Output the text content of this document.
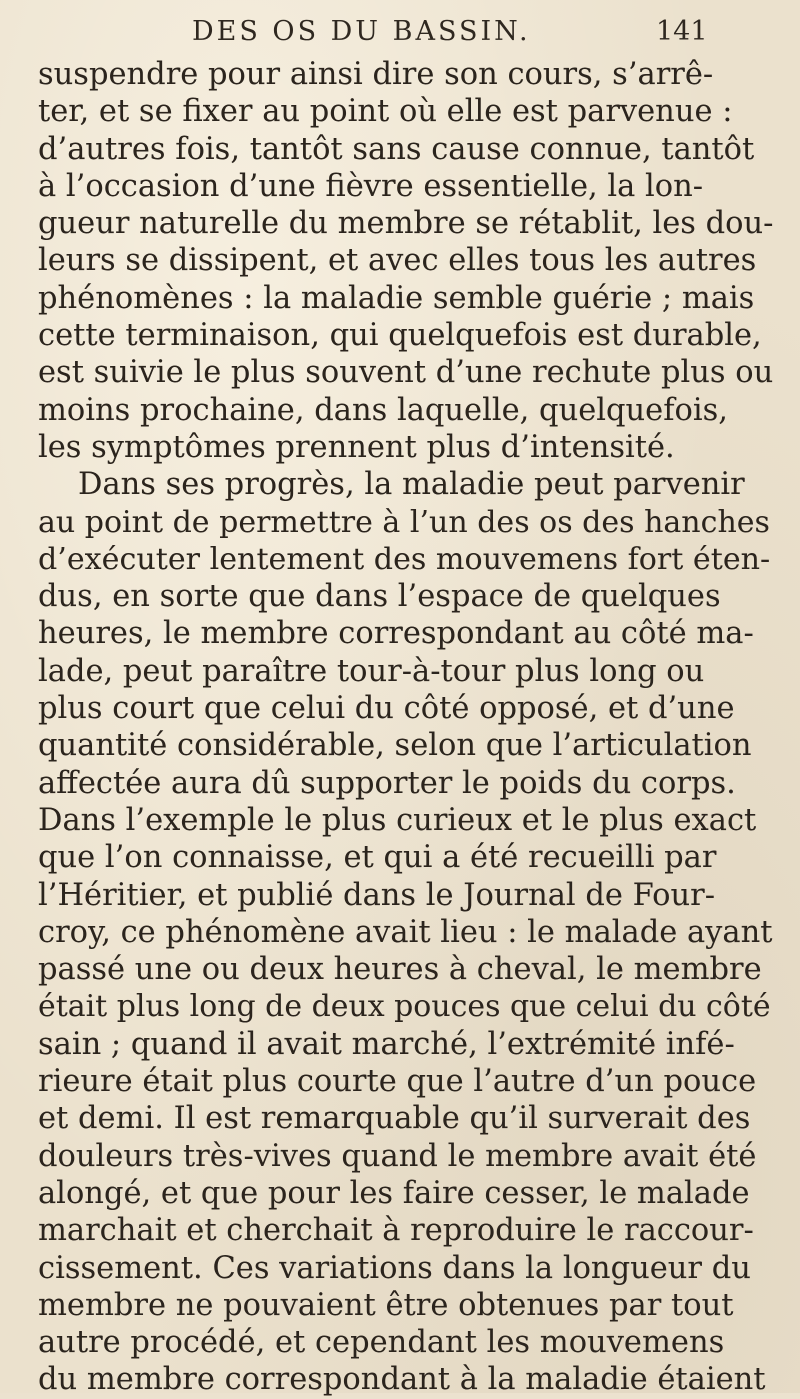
DES OS DU BASSIN.	141
suspendre pour ainsi dire son cours, s’arrê-
ter, et se fixer au point où elle est parvenue :
d’autres fois, tantôt sans cause connue, tantôt
à l’occasion d’une fièvre essentielle, la lon-
gueur naturelle du membre se rétablit, les dou-
leurs se dissipent, et avec elles tous les autres
phénomènes : la maladie semble guérie ; mais
cette terminaison, qui quelquefois est durable,
est suivie le plus souvent d’une rechute plus ou
moins prochaine, dans laquelle, quelquefois,
les symptômes prennent plus d’intensité.
Dans ses progrès, la maladie peut parvenir
au point de permettre à l’un des os des hanches
d’exécuter lentement des mouvemens fort éten-
dus, en sorte que dans l’espace de quelques
heures, le membre correspondant au côté ma-
lade, peut paraître tour-à-tour plus long ou
plus court que celui du côté opposé, et d’une
quantité considérable, selon que l’articulation
affectée aura dû supporter le poids du corps.
Dans l’exemple le plus curieux et le plus exact
que l’on connaisse, et qui a été recueilli par
l’Héritier, et publié dans le Journal de Four-
croy, ce phénomène avait lieu : le malade ayant
passé une ou deux heures à cheval, le membre
était plus long de deux pouces que celui du côté
sain ; quand il avait marché, l’extrémité infé-
rieure était plus courte que l’autre d’un pouce
et demi. Il est remarquable qu’il surverait des
douleurs très-vives quand le membre avait été
alongé, et que pour les faire cesser, le malade
marchait et cherchait à reproduire le raccour-
cissement. Ces variations dans la longueur du
membre ne pouvaient être obtenues par tout
autre procédé, et cependant les mouvemens
du membre correspondant à la maladie étaient
